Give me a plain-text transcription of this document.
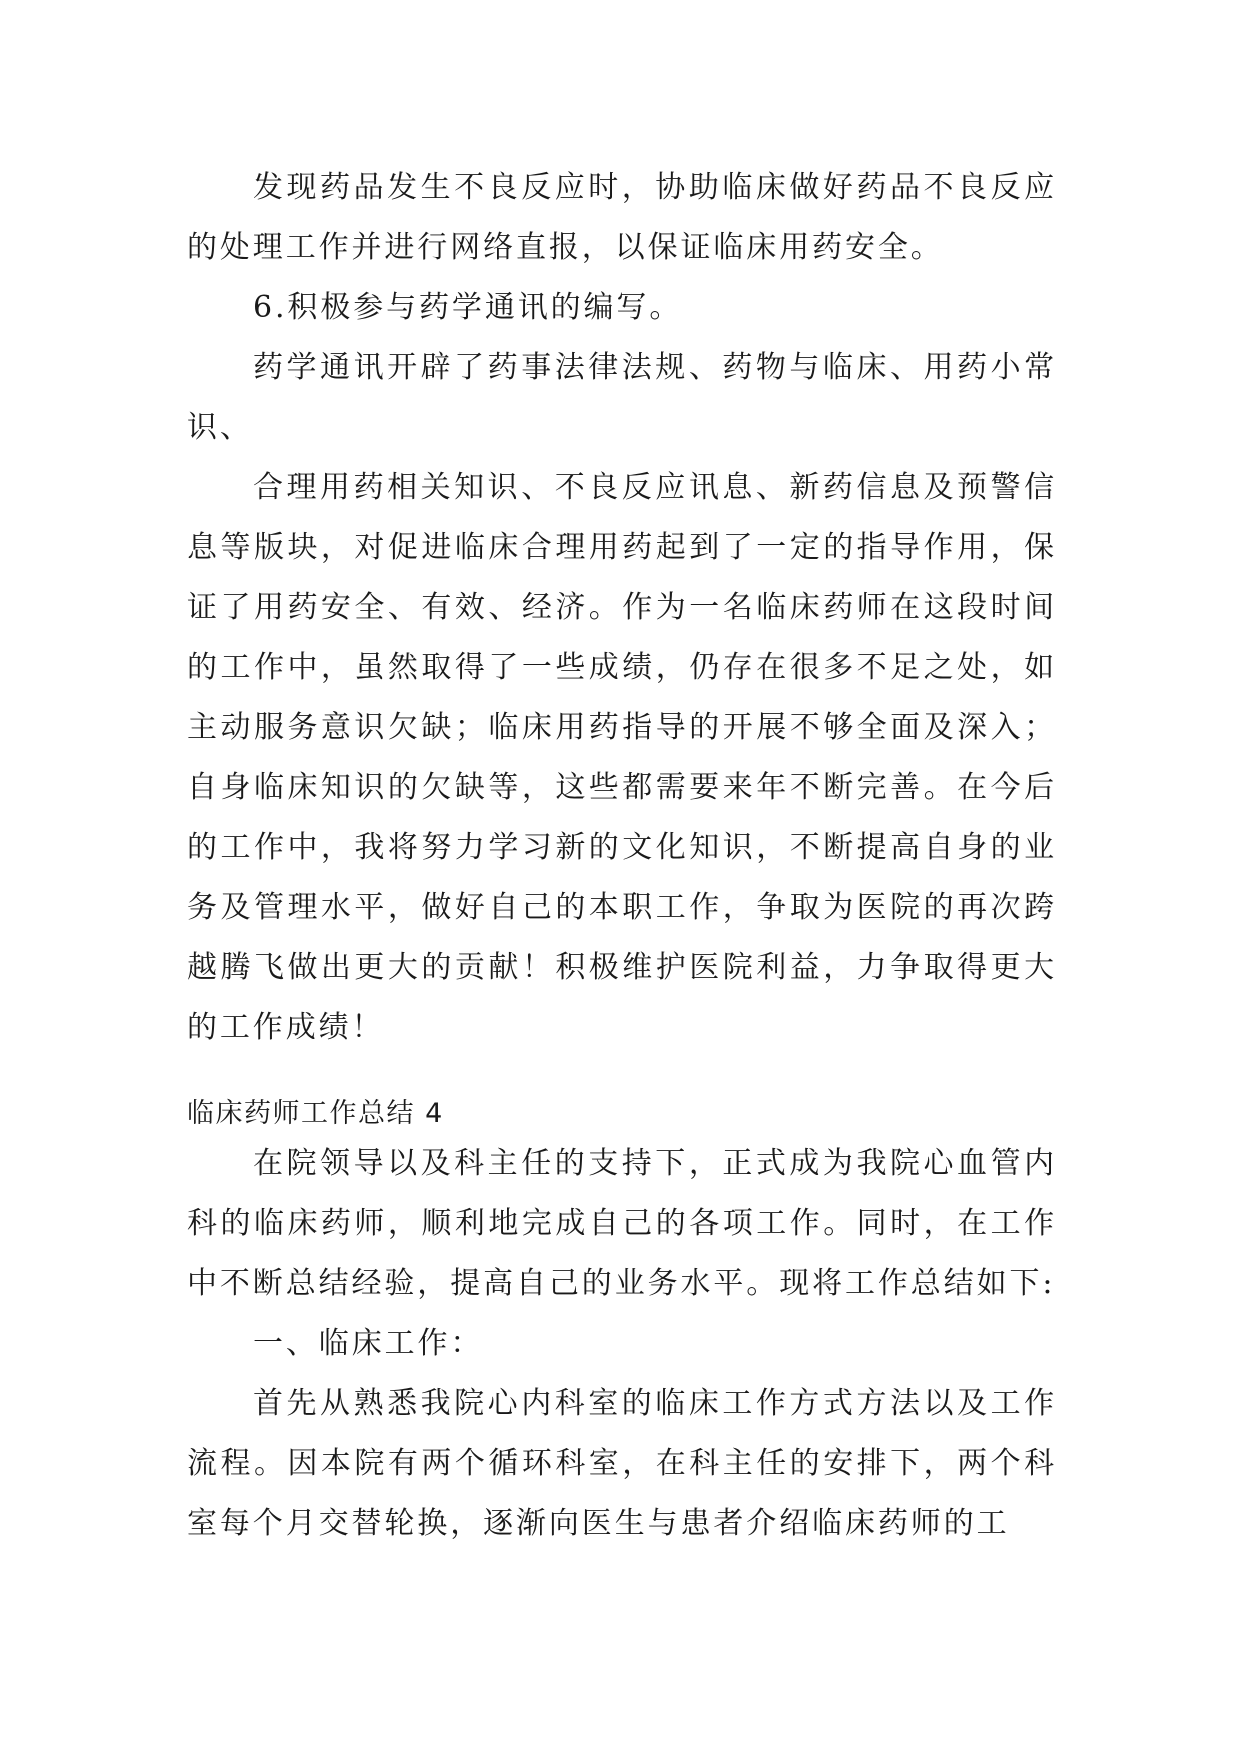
发现药品发生不良反应时，协助临床做好药品不良反应的处理工作并进行网络直报，以保证临床用药安全。

6.积极参与药学通讯的编写。

药学通讯开辟了药事法律法规、药物与临床、用药小常识、

合理用药相关知识、不良反应讯息、新药信息及预警信息等版块，对促进临床合理用药起到了一定的指导作用，保证了用药安全、有效、经济。作为一名临床药师在这段时间的工作中，虽然取得了一些成绩，仍存在很多不足之处，如主动服务意识欠缺；临床用药指导的开展不够全面及深入；自身临床知识的欠缺等，这些都需要来年不断完善。在今后的工作中，我将努力学习新的文化知识，不断提高自身的业务及管理水平，做好自己的本职工作，争取为医院的再次跨越腾飞做出更大的贡献！积极维护医院利益，力争取得更大的工作成绩！

临床药师工作总结 4

在院领导以及科主任的支持下，正式成为我院心血管内科的临床药师，顺利地完成自己的各项工作。同时，在工作中不断总结经验，提高自己的业务水平。现将工作总结如下:

一、临床工作：

首先从熟悉我院心内科室的临床工作方式方法以及工作流程。因本院有两个循环科室，在科主任的安排下，两个科室每个月交替轮换，逐渐向医生与患者介绍临床药师的工
